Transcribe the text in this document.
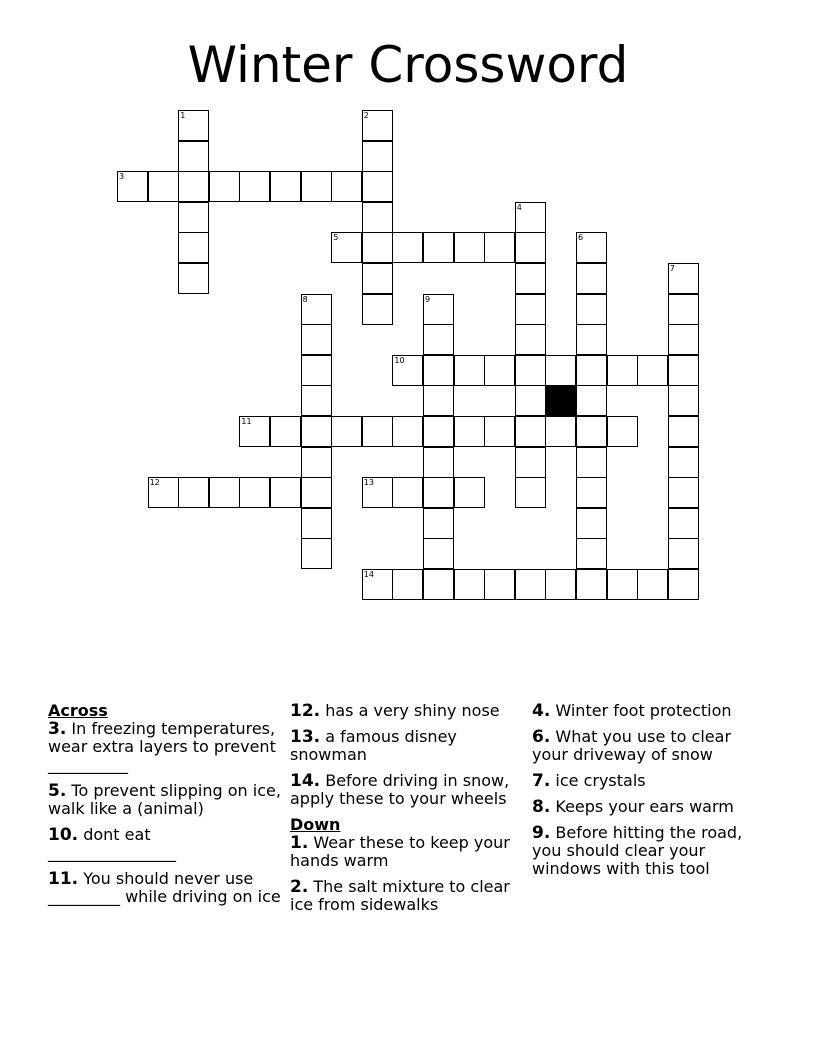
Winter Crossword
1	2
3
4
5	6
7
8	9
10
11
12	13
14
Across
3. In freezing temperatures, wear extra layers to prevent
__________
5. To prevent slipping on ice, walk like a (animal)
10. dont eat
________________
11. You should never use _________ while driving on ice
12. has a very shiny nose
13. a famous disney snowman
14. Before driving in snow, apply these to your wheels
Down
1. Wear these to keep your hands warm
2. The salt mixture to clear ice from sidewalks
4. Winter foot protection
6. What you use to clear your driveway of snow
7. ice crystals
8. Keeps your ears warm
9. Before hitting the road, you should clear your windows with this tool
